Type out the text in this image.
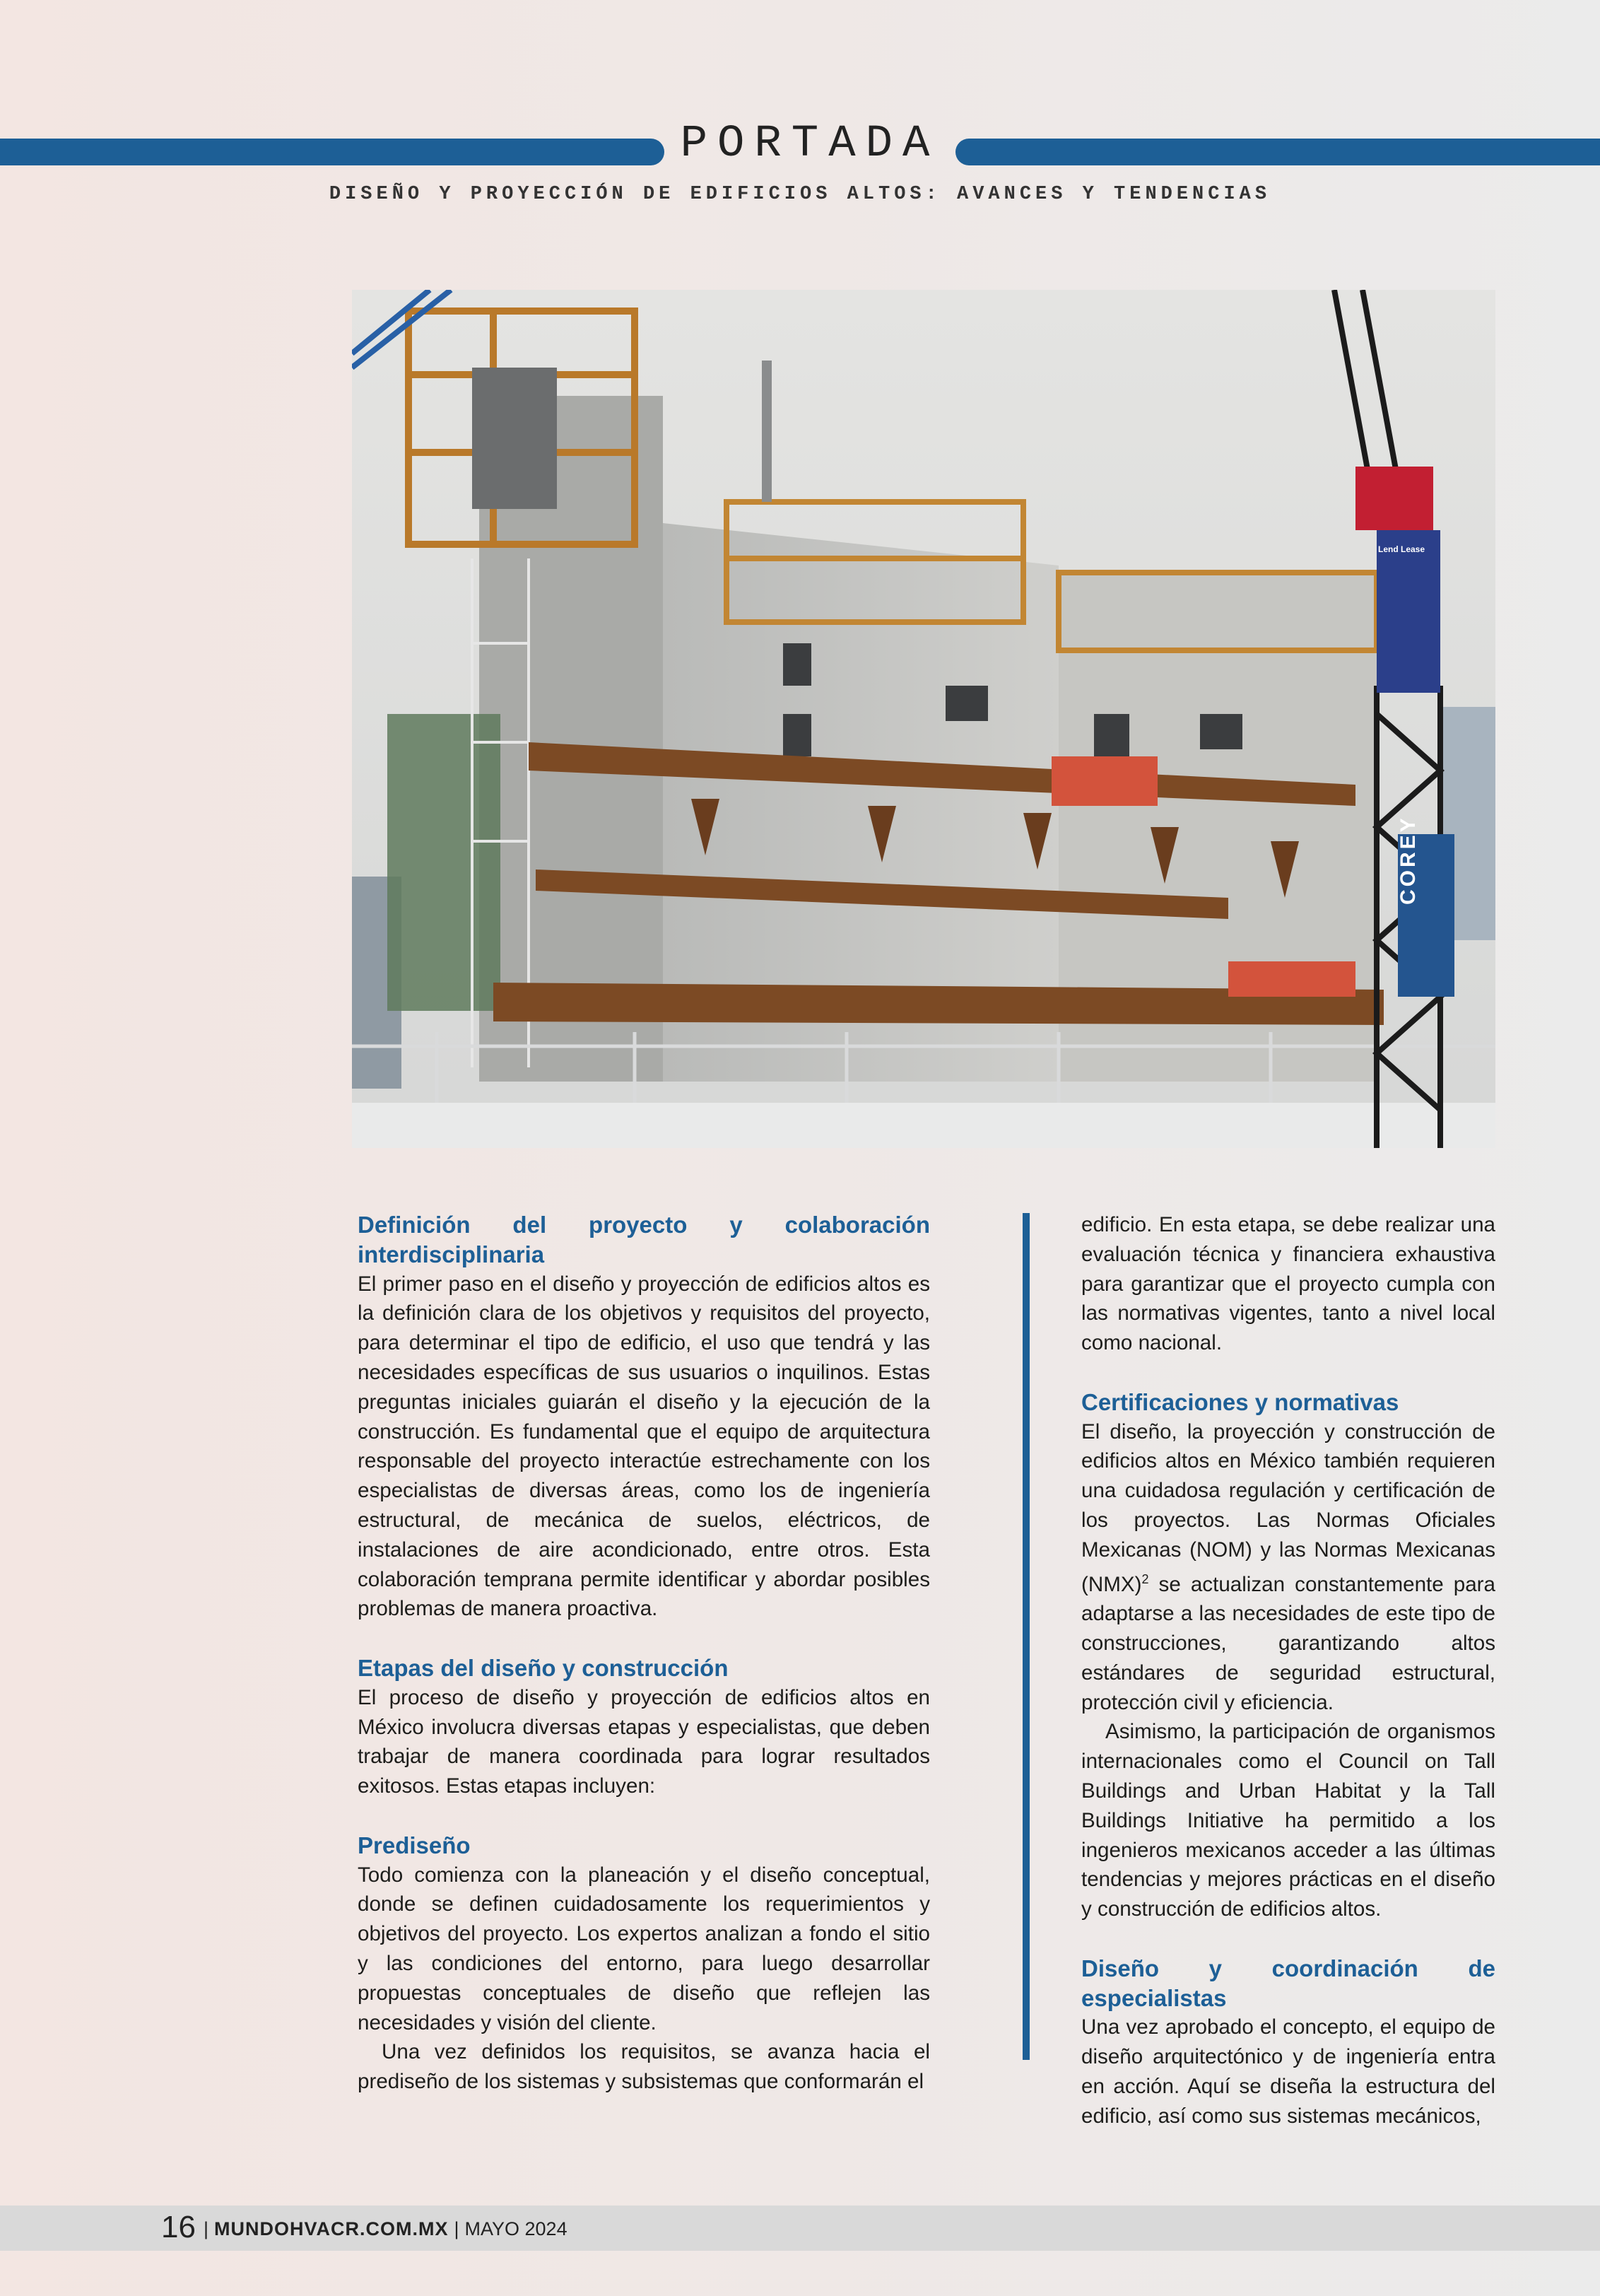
PORTADA
DISEÑO Y PROYECCIÓN DE EDIFICIOS ALTOS: AVANCES Y TENDENCIAS
Lend Lease
COREY
Definición del proyecto y colaboración interdisciplinaria

El primer paso en el diseño y proyección de edificios altos es la definición clara de los objetivos y requisitos del proyecto, para determinar el tipo de edificio, el uso que tendrá y las necesidades específicas de sus usuarios o inquilinos. Estas preguntas iniciales guiarán el diseño y la ejecución de la construcción. Es fundamental que el equipo de arquitectura responsable del proyecto interactúe estrechamente con los especialistas de diversas áreas, como los de ingeniería estructural, de mecánica de suelos, eléctricos, de instalaciones de aire acondicionado, entre otros. Esta colaboración temprana permite identificar y abordar posibles problemas de manera proactiva.

Etapas del diseño y construcción

El proceso de diseño y proyección de edificios altos en México involucra diversas etapas y especialistas, que deben trabajar de manera coordinada para lograr resultados exitosos. Estas etapas incluyen:

Prediseño

Todo comienza con la planeación y el diseño conceptual, donde se definen cuidadosamente los requerimientos y objetivos del proyecto. Los expertos analizan a fondo el sitio y las condiciones del entorno, para luego desarrollar propuestas conceptuales de diseño que reflejen las necesidades y visión del cliente.

Una vez definidos los requisitos, se avanza hacia el prediseño de los sistemas y subsistemas que conformarán el

edificio. En esta etapa, se debe realizar una evaluación técnica y financiera exhaustiva para garantizar que el proyecto cumpla con las normativas vigentes, tanto a nivel local como nacional.

Certificaciones y normativas

El diseño, la proyección y construcción de edificios altos en México también requieren una cuidadosa regulación y certificación de los proyectos. Las Normas Oficiales Mexicanas (NOM) y las Normas Mexicanas (NMX)$^2$ se actualizan constantemente para adaptarse a las necesidades de este tipo de construcciones, garantizando altos estándares de seguridad estructural, protección civil y eficiencia.

Asimismo, la participación de organismos internacionales como el Council on Tall Buildings and Urban Habitat y la Tall Buildings Initiative ha permitido a los ingenieros mexicanos acceder a las últimas tendencias y mejores prácticas en el diseño y construcción de edificios altos.

Diseño y coordinación de especialistas

Una vez aprobado el concepto, el equipo de diseño arquitectónico y de ingeniería entra en acción. Aquí se diseña la estructura del edificio, así como sus sistemas mecánicos,

16 | MUNDOHVACR.COM.MX | MAYO 2024
